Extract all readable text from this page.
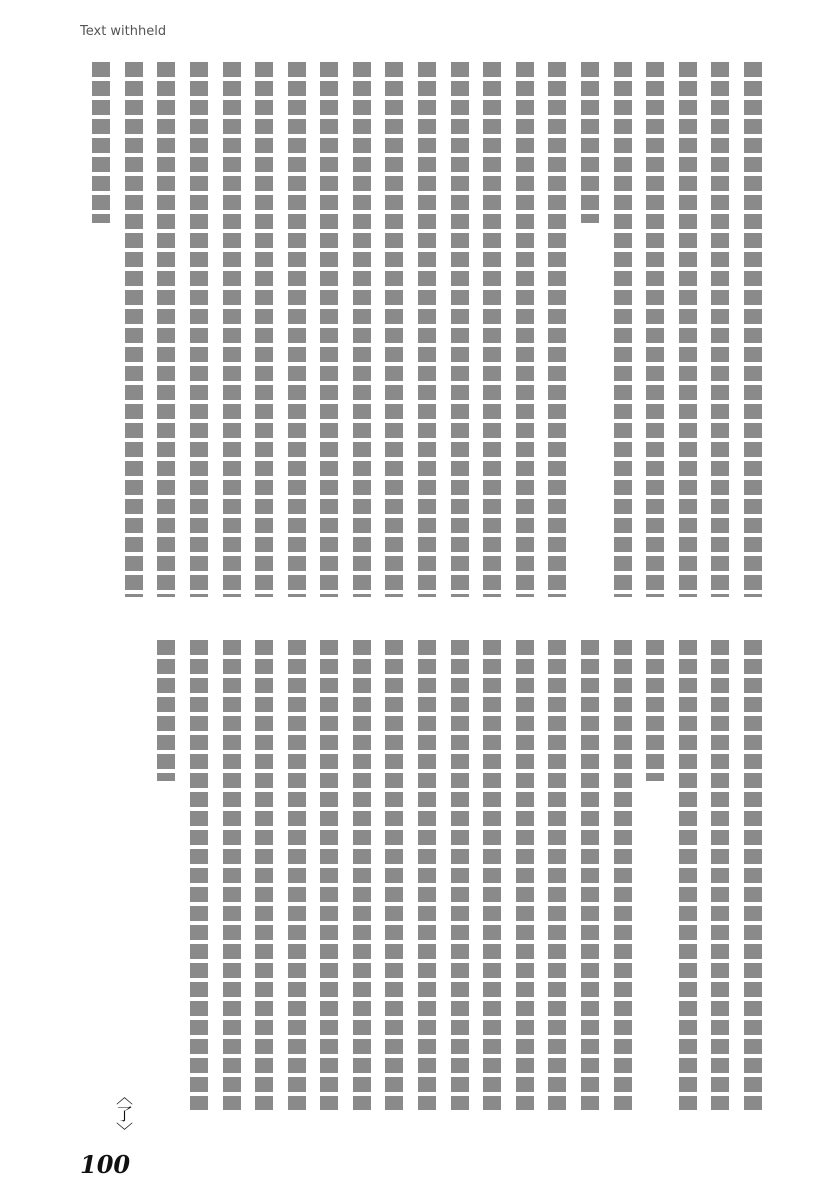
Text withheld
〈了〉
100
